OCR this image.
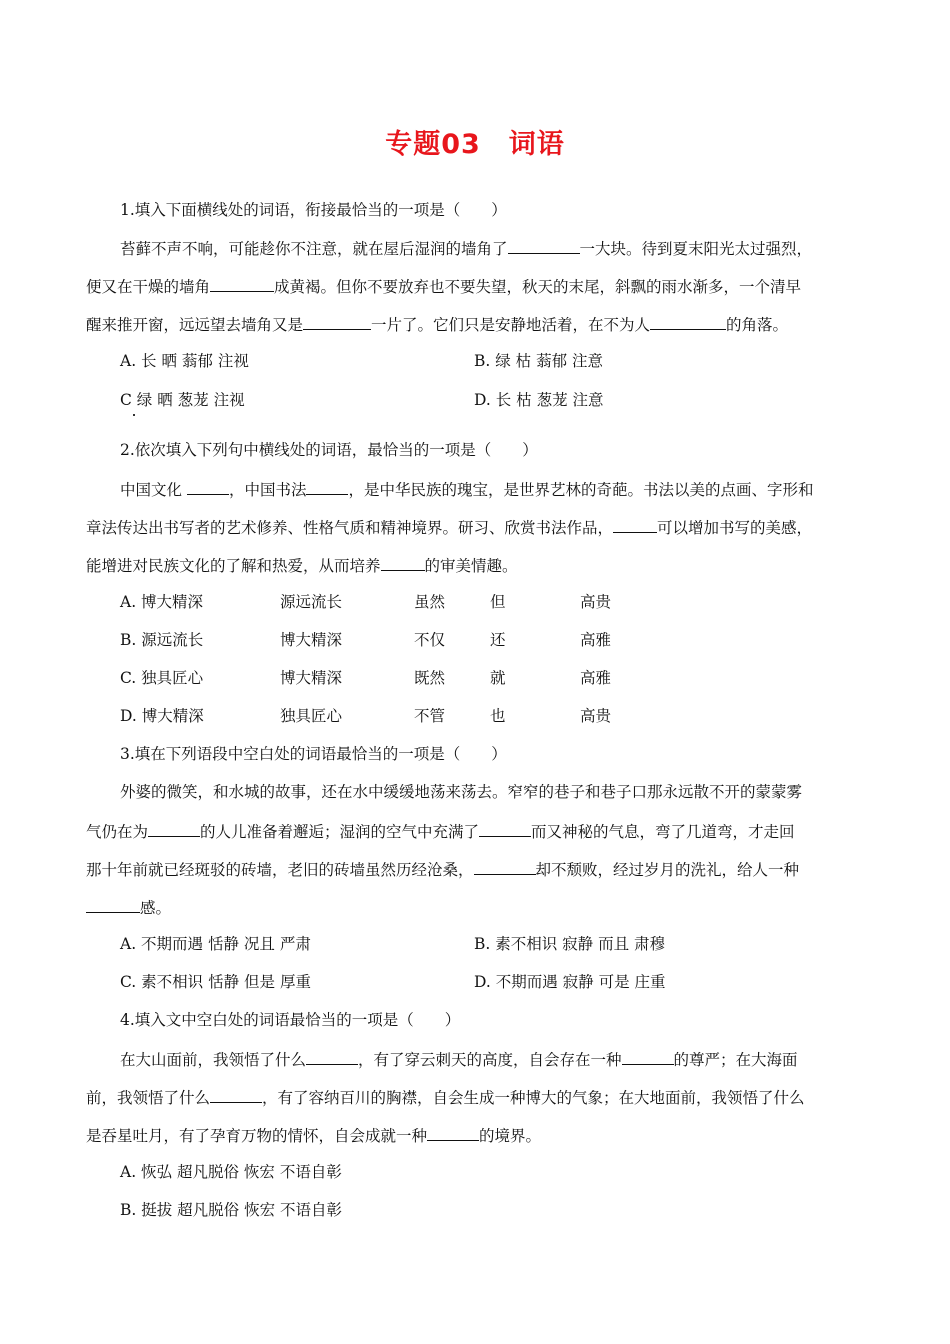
专题03　词语
1.填入下面横线处的词语，衔接最恰当的一项是（　　）
苔藓不声不响，可能趁你不注意，就在屋后湿润的墙角了	一大块。待到夏末阳光太过强烈，
便又在干燥的墙角	成黄褐。但你不要放弃也不要失望，秋天的末尾，斜飘的雨水渐多，一个清早
醒来推开窗，远远望去墙角又是	一片了。它们只是安静地活着，在不为人	的角落。
A. 长 晒 蓊郁 注视	B. 绿 枯 蓊郁 注意
C 绿 晒 葱茏 注视	D. 长 枯 葱茏 注意
2.依次填入下列句中横线处的词语，最恰当的一项是（　　）
中国文化	，中国书法	，是中华民族的瑰宝，是世界艺林的奇葩。书法以美的点画、字形和
章法传达出书写者的艺术修养、性格气质和精神境界。研习、欣赏书法作品，	可以增加书写的美感，
能增进对民族文化的了解和热爱，从而培养	的审美情趣。
A. 博大精深	源远流长	虽然	但	高贵
B. 源远流长	博大精深	不仅	还	高雅
C. 独具匠心	博大精深	既然	就	高雅
D. 博大精深	独具匠心	不管	也	高贵
3.填在下列语段中空白处的词语最恰当的一项是（　　）
外婆的微笑，和水城的故事，还在水中缓缓地荡来荡去。窄窄的巷子和巷子口那永远散不开的蒙蒙雾
气仍在为	的人儿准备着邂逅；湿润的空气中充满了	而又神秘的气息，弯了几道弯，才走回
那十年前就已经斑驳的砖墙，老旧的砖墙虽然历经沧桑，	却不颓败，经过岁月的洗礼，给人一种
感。
A. 不期而遇 恬静 况且 严肃	B. 素不相识 寂静 而且 肃穆
C. 素不相识 恬静 但是 厚重	D. 不期而遇 寂静 可是 庄重
4.填入文中空白处的词语最恰当的一项是（　　）
在大山面前，我领悟了什么	，有了穿云刺天的高度，自会存在一种	的尊严；在大海面
前，我领悟了什么	，有了容纳百川的胸襟，自会生成一种博大的气象；在大地面前，我领悟了什么
是吞星吐月，有了孕育万物的情怀，自会成就一种	的境界。
A. 恢弘 超凡脱俗 恢宏 不语自彰
B. 挺拔 超凡脱俗 恢宏 不语自彰
